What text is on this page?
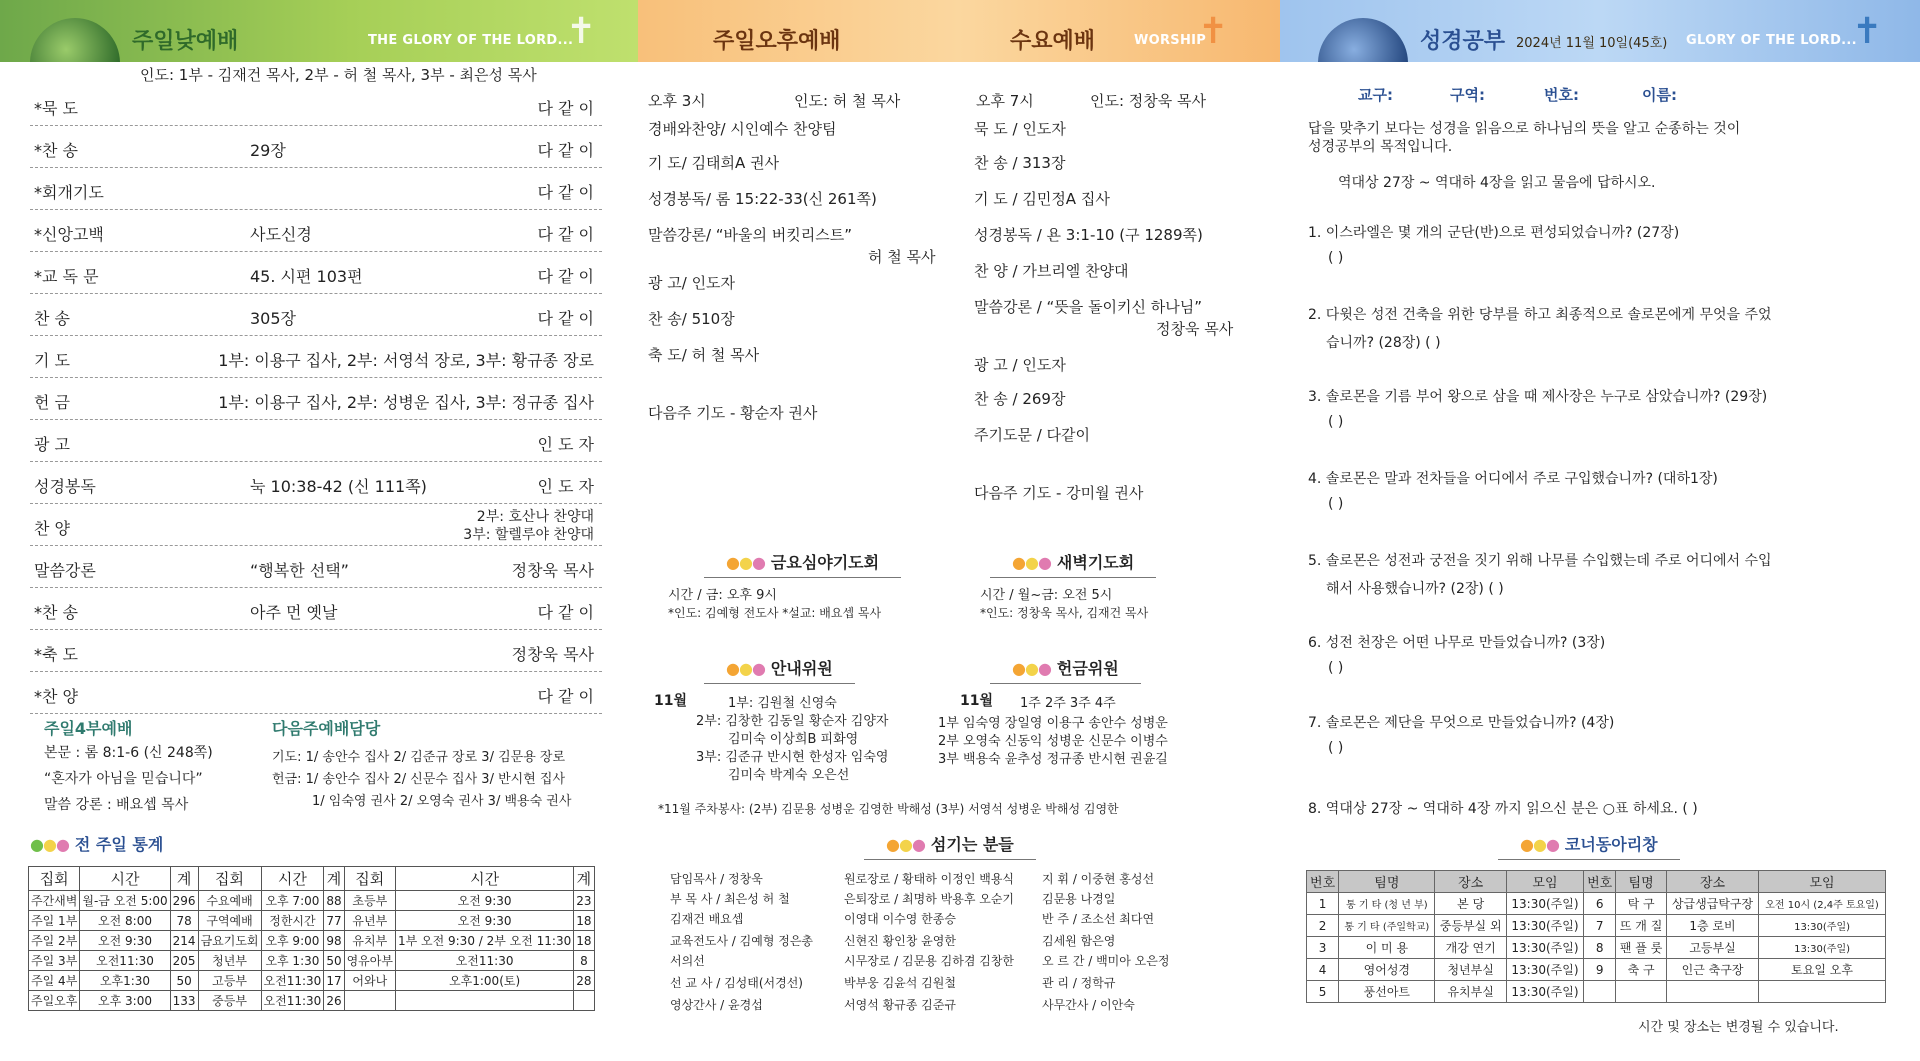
주일낮예배	THE GLORY OF THE LORD...
✝
인도: 1부 - 김재건 목사, 2부 - 허 철 목사, 3부 - 최은성 목사
*묵 도	다 같 이
*찬 송	29장	다 같 이
*회개기도	다 같 이
*신앙고백	사도신경	다 같 이
*교 독 문	45. 시편 103편	다 같 이
찬 송	305장	다 같 이
기 도	1부: 이용구 집사, 2부: 서영석 장로, 3부: 황규종 장로
헌 금	1부: 이용구 집사, 2부: 성병운 집사, 3부: 정규종 집사
광 고	인 도 자
성경봉독	눅 10:38-42 (신 111쪽)	인 도 자
찬 양
2부: 호산나 찬양대
3부: 할렐루야 찬양대
말씀강론	“행복한 선택”	정창욱 목사
*찬 송	아주 먼 옛날	다 같 이
*축 도	정창욱 목사
*찬 양	다 같 이
주일4부예배
본문 : 롬 8:1-6 (신 248쪽)
“혼자가 아님을 믿습니다”
말씀 강론 : 배요셉 목사
다음주예배담당
기도: 1/ 송안수 집사 2/ 김준규 장로 3/ 김문용 장로
헌금: 1/ 송안수 집사 2/ 신문수 집사 3/ 반시현 집사
1/ 임숙영 권사 2/ 오영숙 권사 3/ 백용숙 권사
●●● 전 주일 통계
집회	시간	계	집회	시간	계	집회	시간	계
주간새벽	월-금 오전 5:00	296	수요예배	오후 7:00	88	초등부	오전 9:30	23
주일 1부	오전 8:00	78	구역예배	정한시간	77	유년부	오전 9:30	18
주일 2부	오전 9:30	214	금요기도회	오후 9:00	98	유치부	1부 오전 9:30 / 2부 오전 11:30	18
주일 3부	오전11:30	205	청년부	오후 1:30	50	영유아부	오전11:30	8
주일 4부	오후1:30	50	고등부	오전11:30	17	어와나	오후1:00(토)	28
주일오후	오후 3:00	133	중등부	오전11:30	26			
주일오후예배	수요예배	WORSHIP
✝
오후 3시	인도: 허 철 목사
경배와찬양/ 시인예수 찬양팀
기 도/ 김태희A 권사
성경봉독/ 롬 15:22-33(신 261쪽)
말씀강론/ “바울의 버킷리스트”
허 철 목사
광 고/ 인도자
찬 송/ 510장
축 도/ 허 철 목사
다음주 기도 - 황순자 권사
오후 7시	인도: 정창욱 목사
묵 도 / 인도자
찬 송 / 313장
기 도 / 김민정A 집사
성경봉독 / 욘 3:1-10 (구 1289쪽)
찬 양 / 가브리엘 찬양대
말씀강론 / “뜻을 돌이키신 하나님”
정창욱 목사
광 고 / 인도자
찬 송 / 269장
주기도문 / 다같이
다음주 기도 - 강미월 권사
●●● 금요심야기도회
시간 / 금: 오후 9시
*인도: 김예형 전도사 *설교: 배요셉 목사
●●● 새벽기도회
시간 / 월~금: 오전 5시
*인도: 정창욱 목사, 김재건 목사
●●● 안내위원
11월	1부: 김원철 신영숙
2부: 김창한 김동일 황순자 김양자
김미숙 이상희B 피화영
3부: 김준규 반시현 한성자 임숙영
김미숙 박계숙 오은선
●●● 헌금위원
11월 1주 2주 3주 4주
1부 임숙영 장일영 이용구 송안수 성병운
2부 오영숙 신동익 성병운 신문수 이병수
3부 백용숙 윤추성 정규종 반시현 권윤길
*11월 주차봉사: (2부) 김문용 성병운 김영한 박해성 (3부) 서영석 성병운 박해성 김영한
●●● 섬기는 분들
담임목사 / 정창욱
부 목 사 / 최은성 허 철
김재건 배요셉
교육전도사 / 김예형 정은총
서의선
선 교 사 / 김성태(서경선)
영상간사 / 윤경섭
원로장로 / 황태하 이정인 백용식
은퇴장로 / 최명하 박용후 오순기
이영대 이수영 한종승
신현진 황인창 윤영한
시무장로 / 김문용 김하겸 김창한
박부웅 김윤석 김원철
서영석 황규종 김준규
지 휘 / 이중현 홍성선
김문용 나경일
반 주 / 조소선 최다연
김세원 함은영
오 르 간 / 백미아 오은정
관 리 / 정학규
사무간사 / 이안숙
성경공부 2024년 11월 10일(45호) GLORY OF THE LORD...
✝
교구:	구역:	번호:	이름:
답을 맞추기 보다는 성경을 읽음으로 하나님의 뜻을 알고 순종하는 것이
성경공부의 목적입니다.
역대상 27장 ~ 역대하 4장을 읽고 물음에 답하시오.
1. 이스라엘은 몇 개의 군단(반)으로 편성되었습니까? (27장)
( )
2. 다윗은 성전 건축을 위한 당부를 하고 최종적으로 솔로몬에게 무엇을 주었
습니까? (28장) ( )
3. 솔로몬을 기름 부어 왕으로 삼을 때 제사장은 누구로 삼았습니까? (29장)
( )
4. 솔로몬은 말과 전차들을 어디에서 주로 구입했습니까? (대하1장)
( )
5. 솔로몬은 성전과 궁전을 짓기 위해 나무를 수입했는데 주로 어디에서 수입
해서 사용했습니까? (2장) ( )
6. 성전 천장은 어떤 나무로 만들었습니까? (3장)
( )
7. 솔로몬은 제단을 무엇으로 만들었습니까? (4장)
( )
8. 역대상 27장 ~ 역대하 4장 까지 읽으신 분은 ○표 하세요. ( )
●●● 코너동아리창
번호	팀명	장소	모임	번호	팀명	장소	모임
1	통 기 타 (청 년 부)	본 당	13:30(주일)	6	탁 구	상급생급탁구장	오전 10시 (2,4주 토요일)
2	통 기 타 (주일학교)	중등부실 외	13:30(주일)	7	뜨 개 질	1층 로비	13:30(주일)
3	이 미 용	개강 연기	13:30(주일)	8	팬 플 룻	고등부실	13:30(주일)
4	영어성경	청년부실	13:30(주일)	9	축 구	인근 축구장	토요일 오후
5	풍선아트	유치부실	13:30(주일)				
시간 및 장소는 변경될 수 있습니다.
